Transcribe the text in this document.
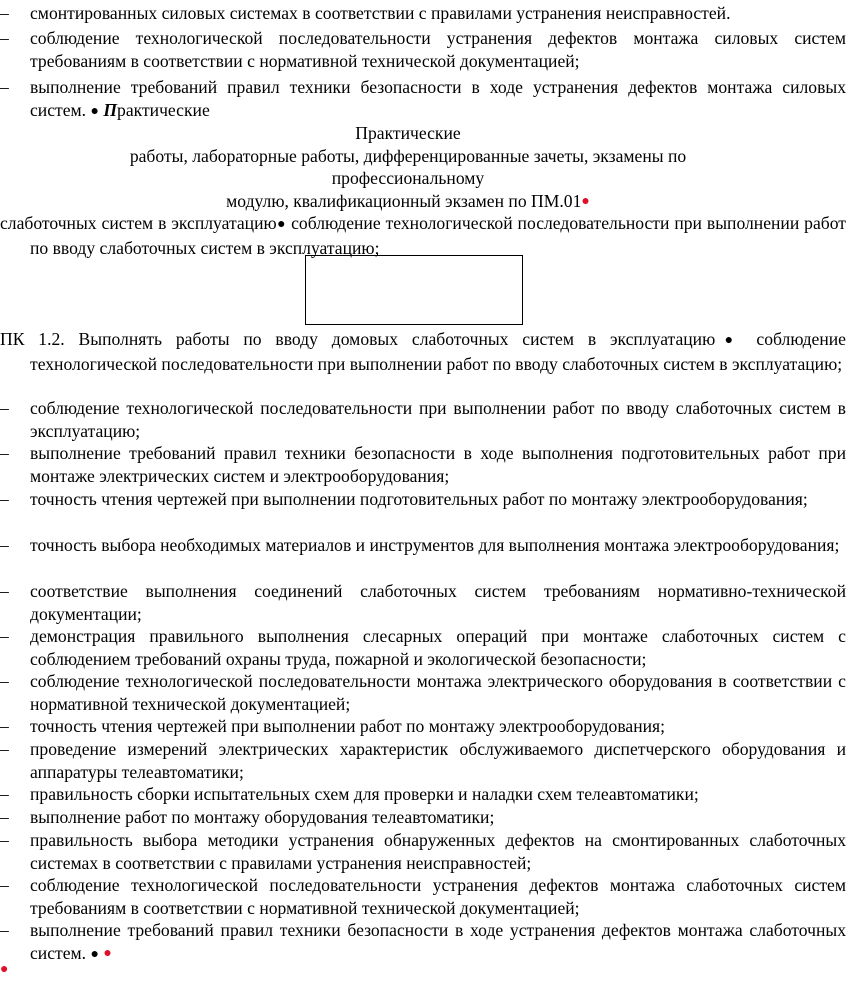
–	смонтированных силовых системах в соответствии с правилами устранения неисправностей.
–	соблюдение технологической последовательности устранения дефектов монтажа силовых систем требованиям в соответствии с нормативной технической документацией;
–	выполнение требований правил техники безопасности в ходе устранения дефектов монтажа силовых систем. ● Практические
Практические
работы, лабораторные работы, дифференцированные зачеты, экзамены по
профессиональному
модулю, квалификационный экзамен по ПМ.01●
слаботочных систем в эксплуатацию● соблюдение технологической последовательности при выполнении работ по вводу слаботочных систем в эксплуатацию;
ПК 1.2. Выполнять работы по вводу домовых слаботочных систем в эксплуатацию● соблюдение технологической последовательности при выполнении работ по вводу слаботочных систем в эксплуатацию;
–	соблюдение технологической последовательности при выполнении работ по вводу слаботочных систем в эксплуатацию;
–	выполнение требований правил техники безопасности в ходе выполнения подготовительных работ при монтаже электрических систем и электрооборудования;
–	точность чтения чертежей при выполнении подготовительных работ по монтажу электрооборудования;
–	точность выбора необходимых материалов и инструментов для выполнения монтажа электрооборудования;
–	соответствие выполнения соединений слаботочных систем требованиям нормативно-технической документации;
–	демонстрация правильного выполнения слесарных операций при монтаже слаботочных систем с соблюдением требований охраны труда, пожарной и экологической безопасности;
–	соблюдение технологической последовательности монтажа электрического оборудования в соответствии с нормативной технической документацией;
–	точность чтения чертежей при выполнении работ по монтажу электрооборудования;
–	проведение измерений электрических характеристик обслуживаемого диспетчерского оборудования и аппаратуры телеавтоматики;
–	правильность сборки испытательных схем для проверки и наладки схем телеавтоматики;
–	выполнение работ по монтажу оборудования телеавтоматики;
–	правильность выбора методики устранения обнаруженных дефектов на смонтированных слаботочных системах в соответствии с правилами устранения неисправностей;
–	соблюдение технологической последовательности устранения дефектов монтажа слаботочных систем требованиям в соответствии с нормативной технической документацией;
–	выполнение требований правил техники безопасности в ходе устранения дефектов монтажа слаботочных систем. ● ●
●
